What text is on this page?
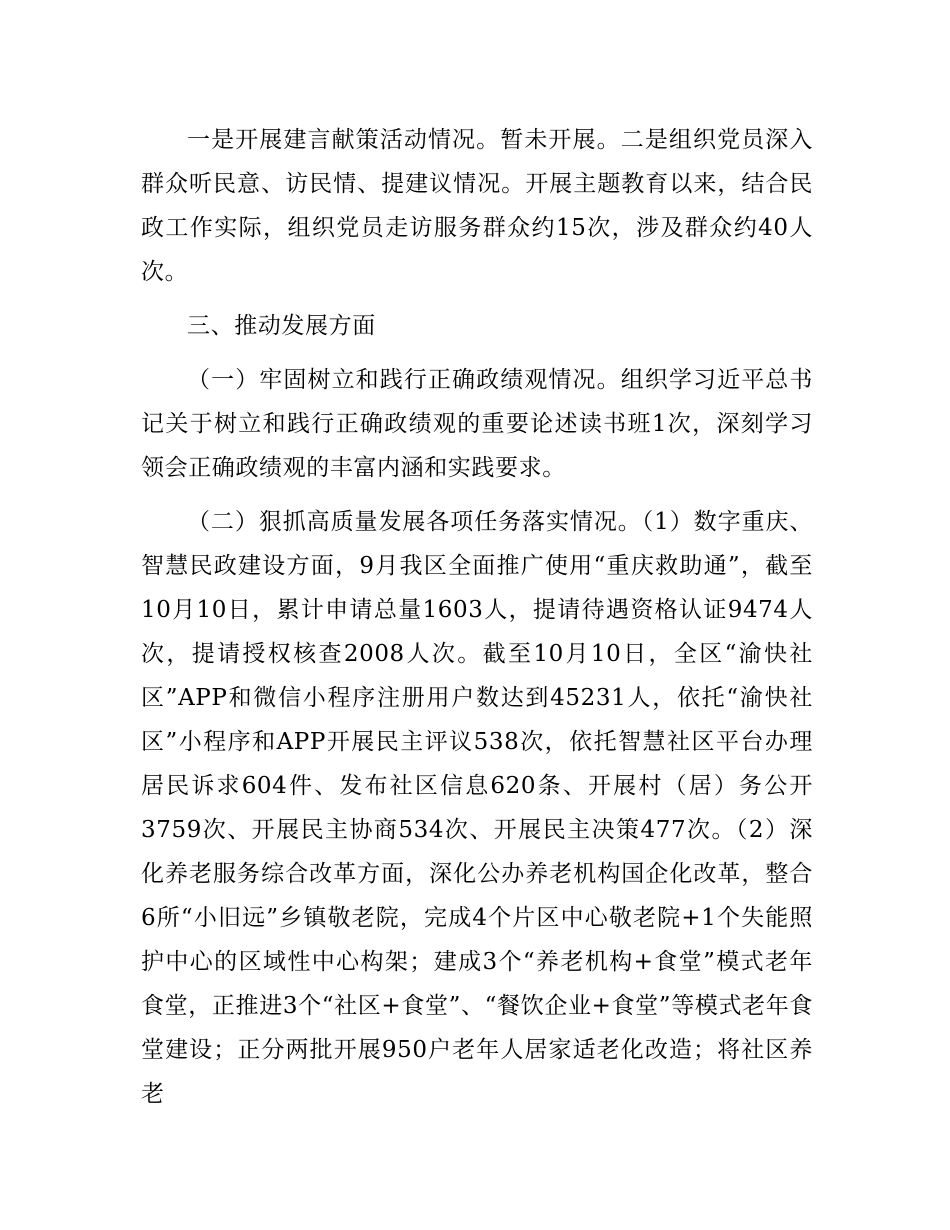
一是开展建言献策活动情况。暂未开展。二是组织党员深入群众听民意、访民情、提建议情况。开展主题教育以来，结合民政工作实际，组织党员走访服务群众约15次，涉及群众约40人次。

三、推动发展方面

（一）牢固树立和践行正确政绩观情况。组织学习近平总书记关于树立和践行正确政绩观的重要论述读书班1次，深刻学习领会正确政绩观的丰富内涵和实践要求。

（二）狠抓高质量发展各项任务落实情况。（1）数字重庆、智慧民政建设方面，9月我区全面推广使用“重庆救助通”，截至10月10日，累计申请总量1603人，提请待遇资格认证9474人次，提请授权核查2008人次。截至10月10日，全区“渝快社区”APP和微信小程序注册用户数达到45231人，依托“渝快社区”小程序和APP开展民主评议538次，依托智慧社区平台办理居民诉求604件、发布社区信息620条、开展村（居）务公开3759次、开展民主协商534次、开展民主决策477次。（2）深化养老服务综合改革方面，深化公办养老机构国企化改革，整合6所“小旧远”乡镇敬老院，完成4个片区中心敬老院+1个失能照护中心的区域性中心构架；建成3个“养老机构+食堂”模式老年食堂，正推进3个“社区+食堂”、“餐饮企业+食堂”等模式老年食堂建设；正分两批开展950户老年人居家适老化改造；将社区养老
